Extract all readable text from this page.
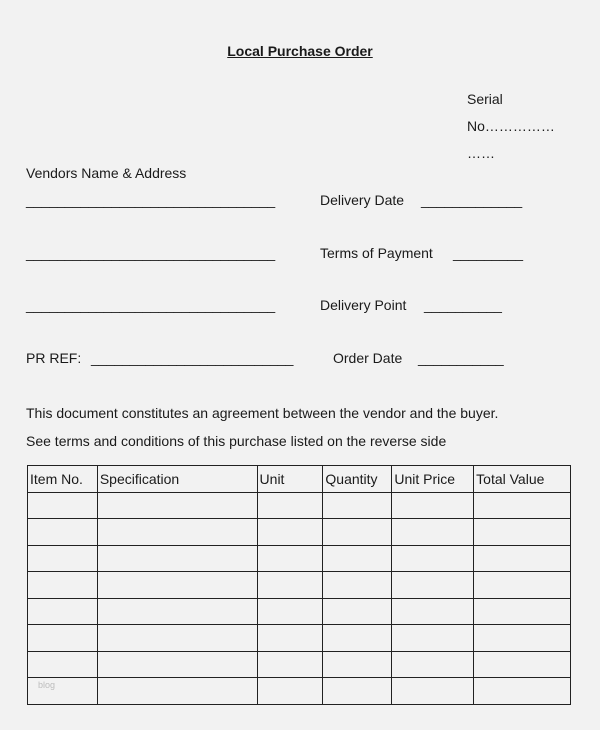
Local Purchase Order
Serial
No……………
……
Vendors Name & Address
________________________________	Delivery Date _____________
________________________________	Terms of Payment _________
________________________________	Delivery Point __________
PR REF: __________________________	Order Date ___________
This document constitutes an agreement between the vendor and the buyer.
See terms and conditions of this purchase listed on the reverse side
Item No.	Specification	Unit	Quantity	Unit Price	Total Value

blog
